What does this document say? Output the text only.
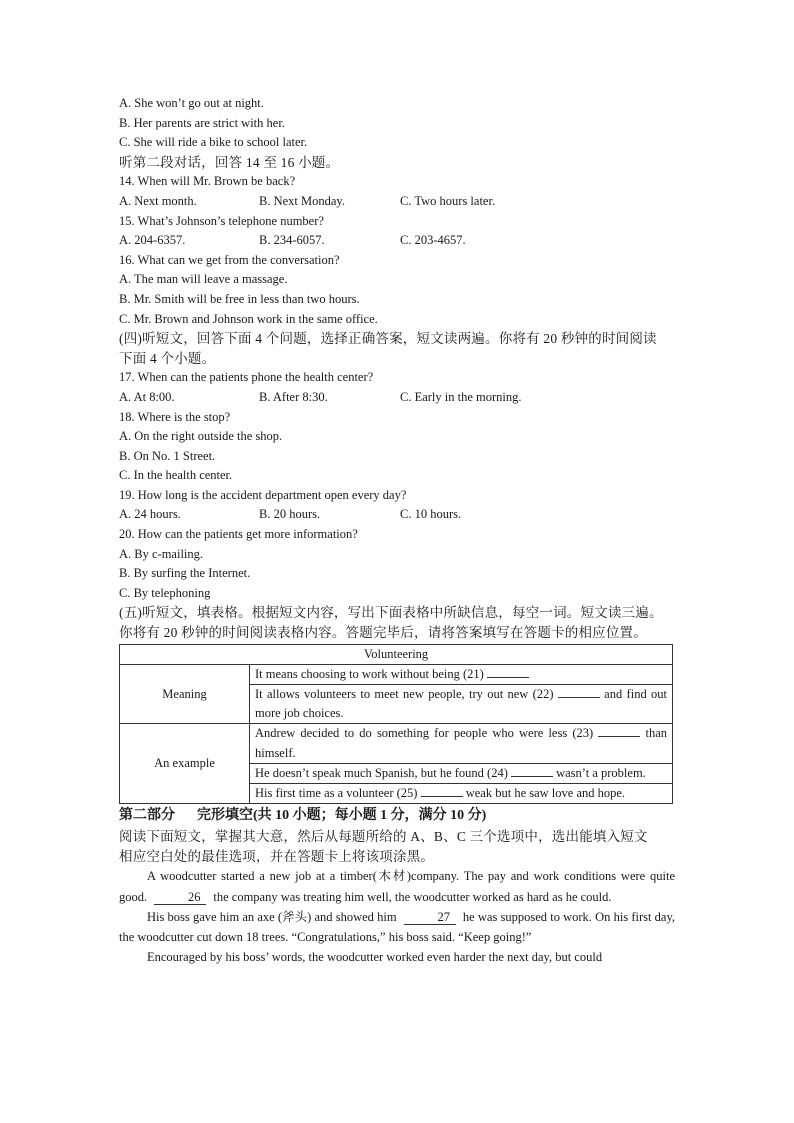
A. She won’t go out at night.
B. Her parents are strict with her.
C. She will ride a bike to school later.
听第二段对话，回答 14 至 16 小题。
14. When will Mr. Brown be back?
A. Next month.	B. Next Monday.	C. Two hours later.
15. What’s Johnson’s telephone number?
A. 204-6357.	B. 234-6057.	C. 203-4657.
16. What can we get from the conversation?
A. The man will leave a massage.
B. Mr. Smith will be free in less than two hours.
C. Mr. Brown and Johnson work in the same office.
(四)听短文，回答下面 4 个问题，选择正确答案，短文读两遍。你将有 20 秒钟的时间阅读
下面 4 个小题。
17. When can the patients phone the health center?
A. At 8:00.	B. After 8:30.	C. Early in the morning.
18. Where is the stop?
A. On the right outside the shop.
B. On No. 1 Street.
C. In the health center.
19. How long is the accident department open every day?
A. 24 hours.	B. 20 hours.	C. 10 hours.
20. How can the patients get more information?
A. By c-mailing.
B. By surfing the Internet.
C. By telephoning
(五)听短文，填表格。根据短文内容，写出下面表格中所缺信息，每空一词。短文读三遍。
你将有 20 秒钟的时间阅读表格内容。答题完毕后，请将答案填写在答题卡的相应位置。
Volunteering	
Meaning	It means choosing to work without being (21)
	It allows volunteers to meet new people, try out new (22) and find out more job choices.
An example	Andrew decided to do something for people who were less (23) than himself.
	He doesn’t speak much Spanish, but he found (24) wasn’t a problem.
	His first time as a volunteer (25) weak but he saw love and hope.
第二部分 完形填空(共 10 小题；每小题 1 分，满分 10 分)
阅读下面短文，掌握其大意，然后从每题所给的 A、B、C 三个选项中，选出能填入短文
相应空白处的最佳选项，并在答题卡上将该项涂黑。
A woodcutter started a new job at a timber(木材)company. The pay and work conditions were quite good.	26 the company was treating him well, the woodcutter worked as hard as he could.
His boss gave him an axe (斧头) and showed him	27 he was supposed to work. On his first day, the woodcutter cut down 18 trees. “Congratulations,” his boss said. “Keep going!”
Encouraged by his boss’ words, the woodcutter worked even harder the next day, but could
